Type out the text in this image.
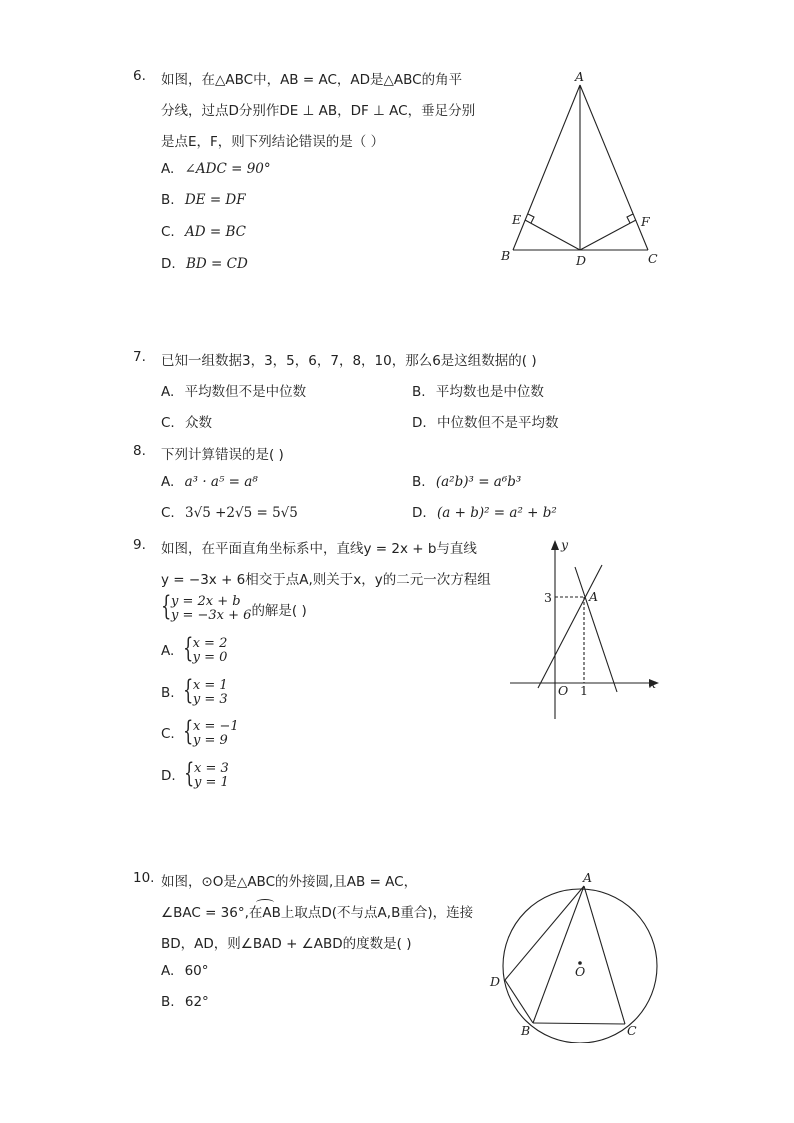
6. 如图，在△ABC中，AB = AC，AD是△ABC的角平
分线，过点D分别作DE ⊥ AB，DF ⊥ AC，垂足分别
是点E，F，则下列结论错误的是（ ）
A. ∠ADC = 90°
B. DE = DF
C. AD = BC
D. BD = CD
A
B	C
D
E	F
7. 已知一组数据3，3，5，6，7，8，10，那么6是这组数据的( )
A. 平均数但不是中位数	B. 平均数也是中位数
C. 众数	D. 中位数但不是平均数
8. 下列计算错误的是( )
A. a³ · a⁵ = a⁸	B. (a²b)³ = a⁶b³
C. 3√5 +2√5 = 5√5	D. (a + b)² = a² + b²
9. 如图，在平面直角坐标系中，直线y = 2x + b与直线
y = −3x + 6相交于点A,则关于x，y的二元一次方程组
{ y = 2x + b
y = −3x + 6 的解是( )
A. { x = 2
y = 0
B. { x = 1
y = 3
C. { x = −1
y = 9
D. { x = 3
y = 1
y
x
O
3
1
A
10. 如图，⊙O是△ABC的外接圆,且AB = AC，
∠BAC = 36°,在AB上取点D(不与点A,B重合)，连接
BD，AD，则∠BAD + ∠ABD的度数是( )
A. 60°
B. 62°
A
B	C
D
O
